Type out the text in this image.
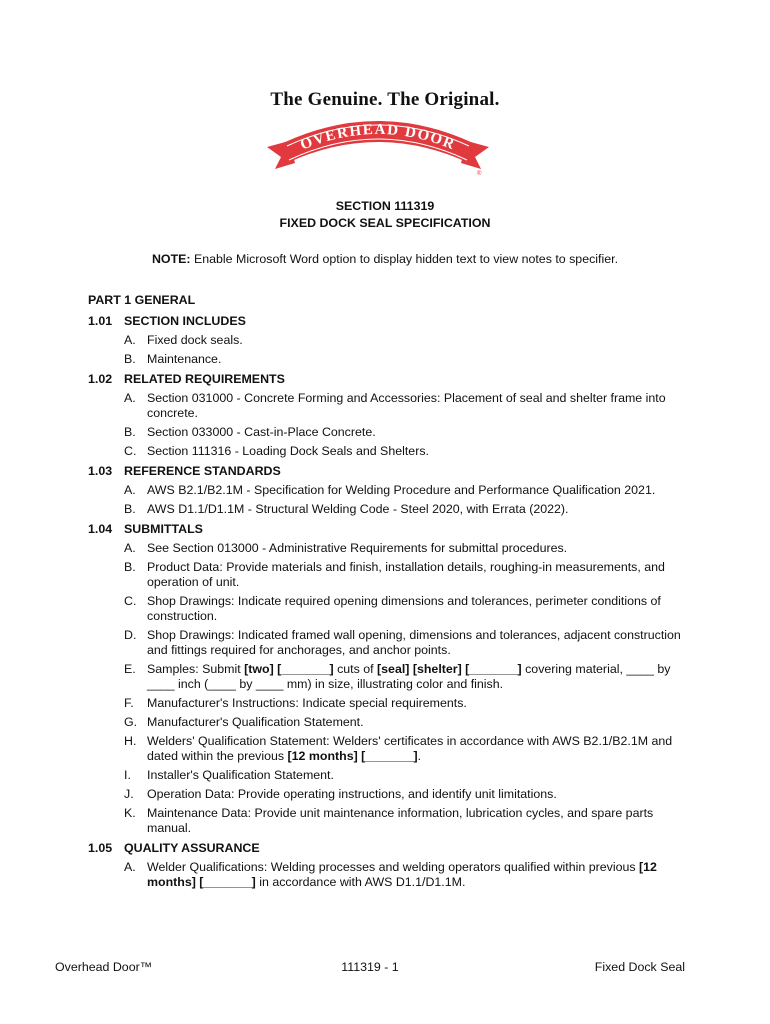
The Genuine. The Original.
OVERHEAD DOOR
®
SECTION 111319
FIXED DOCK SEAL SPECIFICATION
NOTE: Enable Microsoft Word option to display hidden text to view notes to specifier.
PART 1 GENERAL
1.01 SECTION INCLUDES
A. Fixed dock seals.
B. Maintenance.
1.02 RELATED REQUIREMENTS
A. Section 031000 - Concrete Forming and Accessories: Placement of seal and shelter frame into concrete.
B. Section 033000 - Cast-in-Place Concrete.
C. Section 111316 - Loading Dock Seals and Shelters.
1.03 REFERENCE STANDARDS
A. AWS B2.1/B2.1M - Specification for Welding Procedure and Performance Qualification 2021.
B. AWS D1.1/D1.1M - Structural Welding Code - Steel 2020, with Errata (2022).
1.04 SUBMITTALS
A. See Section 013000 - Administrative Requirements for submittal procedures.
B. Product Data: Provide materials and finish, installation details, roughing-in measurements, and operation of unit.
C. Shop Drawings: Indicate required opening dimensions and tolerances, perimeter conditions of construction.
D. Shop Drawings: Indicated framed wall opening, dimensions and tolerances, adjacent construction and fittings required for anchorages, and anchor points.
E. Samples: Submit [two] [_______] cuts of [seal] [shelter] [_______] covering material, ____ by ____ inch (____ by ____ mm) in size, illustrating color and finish.
F.	Manufacturer's Instructions: Indicate special requirements.
G. Manufacturer's Qualification Statement.
H. Welders' Qualification Statement: Welders' certificates in accordance with AWS B2.1/B2.1M and dated within the previous [12 months] [_______].
I.	Installer's Qualification Statement.
J.	Operation Data: Provide operating instructions, and identify unit limitations.
K. Maintenance Data: Provide unit maintenance information, lubrication cycles, and spare parts manual.
1.05 QUALITY ASSURANCE
A. Welder Qualifications: Welding processes and welding operators qualified within previous [12 months] [_______] in accordance with AWS D1.1/D1.1M.
Overhead Door™	111319 - 1	Fixed Dock Seal
